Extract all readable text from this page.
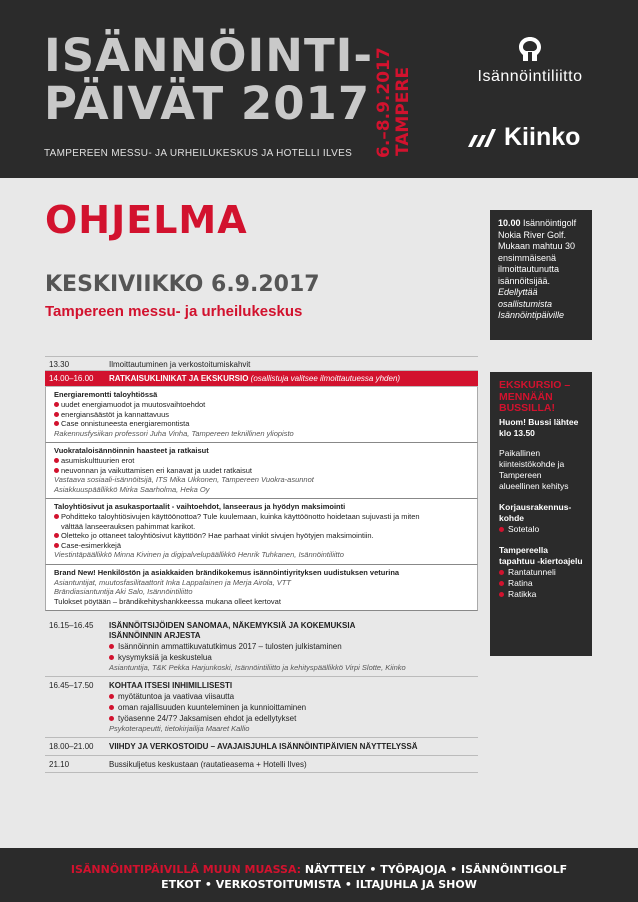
ISÄNNÖINTI-
PÄIVÄT 2017
TAMPEREEN MESSU- JA URHEILUKESKUS JA HOTELLI ILVES 6.–8.9.2017 TAMPERE	Isännöintiliitto
Kiinko
OHJELMA
KESKIVIIKKO 6.9.2017
Tampereen messu- ja urheilukeskus
10.00 Isännöintigolf Nokia River Golf. Mukaan mahtuu 30 ensimmäisenä ilmoittautunutta isännöitsijää.
Edellyttää osallistumista Isännöintipäiville
13.30	Ilmoittautuminen ja verkostoitumiskahvit
14.00–16.00	RATKAISUKLINIKAT JA EKSKURSIO (osallistuja valitsee ilmoittautuessa yhden)
Energiaremontti taloyhtiössä
uudet energiamuodot ja muutosvaihtoehdot
energiansäästöt ja kannattavuus
Case onnistuneesta energiaremontista
Rakennusfysiikan professori Juha Vinha, Tampereen teknillinen yliopisto
Vuokrataloisännöinnin haasteet ja ratkaisut
asumiskulttuurien erot
neuvonnan ja vaikuttamisen eri kanavat ja uudet ratkaisut
Vastaava sosiaali-isännöitsijä, ITS Mika Ukkonen, Tampereen Vuokra-asunnot
Asiakkuuspäällikkö Mirka Saarholma, Heka Oy
Taloyhtiösivut ja asukasportaalit - vaihtoehdot, lanseeraus ja hyödyn maksimointi
Pohditteko taloyhtiösivujen käyttöönottoa? Tule kuulemaan, kuinka käyttöönotto hoidetaan sujuvasti ja miten
välttää lanseerauksen pahimmat karikot.
Oletteko jo ottaneet taloyhtiösivut käyttöön? Hae parhaat vinkit sivujen hyötyjen maksimointiin.
Case-esimerkkejä
Viestintäpäällikkö Minna Kivinen ja digipalvelupäällikkö Henrik Tuhkanen, Isännöintiliitto
Brand New! Henkilöstön ja asiakkaiden brändikokemus isännöintiyrityksen uudistuksen veturina
Asiantuntijat, muutosfasilitaattorit Inka Lappalainen ja Merja Airola, VTT
Brändiasiantuntija Aki Salo, Isännöintiliitto
Tulokset pöytään – brändikehityshankkeessa mukana olleet kertovat
16.15–16.45	ISÄNNÖITSIJÖIDEN SANOMAA, NÄKEMYKSIÄ JA KOKEMUKSIA
ISÄNNÖINNIN ARJESTA
Isännöinnin ammattikuvatutkimus 2017 – tulosten julkistaminen
kysymyksiä ja keskustelua
Asiantuntija, T&K Pekka Harjunkoski, Isännöintiliitto ja kehityspäällikkö Virpi Slotte, Kiinko
16.45–17.50	KOHTAA ITSESI INHIMILLISESTI
myötätuntoa ja vaativaa viisautta
oman rajallisuuden kuunteleminen ja kunnioittaminen
työasenne 24/7? Jaksamisen ehdot ja edellytykset
Psykoterapeutti, tietokirjailija Maaret Kallio
18.00–21.00	VIIHDY JA VERKOSTOIDU – AVAJAISJUHLA ISÄNNÖINTIPÄIVIEN NÄYTTELYSSÄ
21.10	Bussikuljetus keskustaan (rautatieasema + Hotelli Ilves)
EKSKURSIO – MENNÄÄN BUSSILLA!
Huom! Bussi lähtee klo 13.50
Paikallinen kiinteistökohde ja Tampereen alueellinen kehitys
Korjausrakennus-kohde
Sotetalo
Tampereella tapahtuu -kiertoajelu
Rantatunneli
Ratina
Ratikka
ISÄNNÖINTIPÄIVILLÄ MUUN MUASSA: NÄYTTELY • TYÖPAJOJA • ISÄNNÖINTIGOLF
ETKOT • VERKOSTOITUMISTA • ILTAJUHLA JA SHOW
